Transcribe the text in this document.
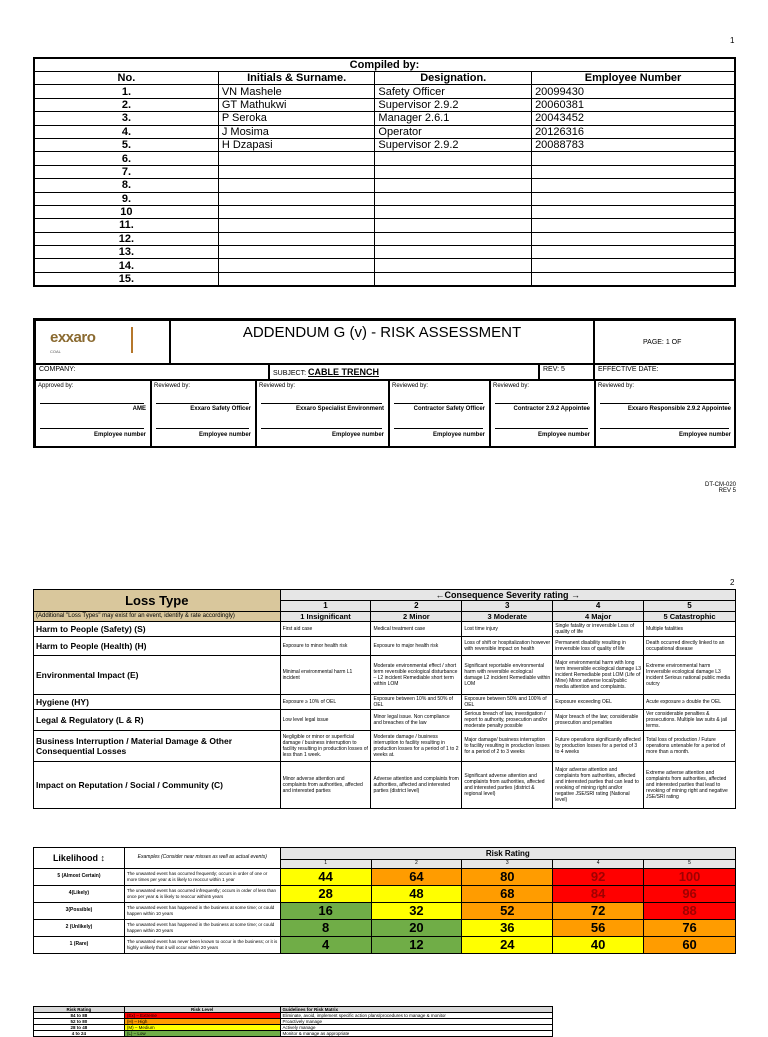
1
Compiled by:			
No.	Initials & Surname.	Designation.	Employee Number
1.	VN Mashele	Safety Officer	20099430
2.	GT Mathukwi	Supervisor 2.9.2	20060381
3.	P Seroka	Manager 2.6.1	20043452
4.	J Mosima	Operator	20126316
5.	H Dzapasi	Supervisor 2.9.2	20088783
6.			
7.			
8.			
9.			
10			
11.			
12.			
13.			
14.			
15.			
exxaro
COAL
ADDENDUM G (v) - RISK ASSESSMENT
PAGE: 1 OF
COMPANY:
SUBJECT: CABLE TRENCH	REV: 5	EFFECTIVE DATE:
Approved by:
AME
Employee number
Reviewed by:
Exxaro Safety Officer
Employee number
Reviewed by:
Exxaro Specialist Environment
Employee number
Reviewed by:
Contractor Safety Officer
Employee number
Reviewed by:
Contractor 2.9.2 Appointee
Employee number
Reviewed by:
Exxaro Responsible 2.9.2 Appointee
Employee number
DT-CM-020
REV 5
2
Loss Type	←Consequence Severity rating →				
	1	2	3	4	5
(Additional "Loss Types" may exist for an event, identify & rate accordingly)	1 Insignificant	2 Minor	3 Moderate	4 Major	5 Catastrophic
Harm to People (Safety) (S)	First aid case	Medical treatment case	Lost time injury	Single fatality or irreversible Loss of quality of life	Multiple fatalities
Harm to People (Health) (H)	Exposure to minor health risk	Exposure to major health risk	Loss of shift or hospitalization however with reversible impact on health	Permanent disability resulting in irreversible loss of quality of life	Death occurred directly linked to an occupational disease
Environmental Impact (E)	Minimal environmental harm L1 incident	Moderate environmental effect / short term reversible ecological disturbance – L2 incident Remediable short term within LOM	Significant reportable environmental harm with reversible ecological damage L2 incident Remediable within LOM	Major environmental harm with long term irreversible ecological damage L3 incident Remediable post LOM (Life of Mine) Minor adverse local/public media attention and complaints.	Extreme environmental harm Irreversible ecological damage L3 incident Serious national public media outcry
Hygiene (HY)	Exposure ≥ 10% of OEL	Exposure between 10% and 50% of OEL	Exposure between 50% and 100% of OEL	Exposure exceeding OEL	Acute exposure ≥ double the OEL
Legal & Regulatory (L & R)	Low level legal issue	Minor legal issue. Non compliance and breaches of the law	Serious breach of law, investigation / report to authority, prosecution and/or moderate penalty possible	Major breach of the law; considerable prosecution and penalties	Ver considerable penalties & prosecutions. Multiple law suits & jail terms.
Business Interruption / Material Damage & Other Consequential Losses	Negligible or minor or superficial damage / business interruption to facility resulting in production losses of less than 1 week.	Moderate damage / business interruption to facility resulting in production losses for a period of 1 to 2 weeks at.	Major damage/ business interruption to facility resulting in production losses for a period of 2 to 3 weeks	Future operations significantly affected by production losses for a period of 3 to 4 weeks	Total loss of production / Future operations untenable for a period of more than a month.
Impact on Reputation / Social / Community (C)	Minor adverse attention and complaints from authorities, affected and interested parties	Adverse attention and complaints from authorities, affected and interested parties (district level)	Significant adverse attention and complaints from authorities, affected and interested parties (district & regional level)	Major adverse attention and complaints from authorities, affected and interested parties that can lead to revoking of mining right and/or negative JSE/SRI rating (National level)	Extreme adverse attention and complaints from authorities, affected and interested parties that lead to revoking of mining right and negative JSE/SRI rating
Likelihood ↕	Examples (Consider near misses as well as actual events)	Risk Rating				
		1	2	3	4	5
5 (Almost Certain)	The unwanted event has occurred frequently; occurs in order of one or more times per year & is likely to reoccur within 1 year	44	64	80	92	100
4(Likely)	The unwanted event has occurred infrequently; occurs in order of less than once per year & is likely to reoccur within5 years	28	48	68	84	96
3(Possible)	The unwanted event has happened in the business at some time; or could happen within 10 years	16	32	52	72	88
2 (Unlikely)	The unwanted event has happened in the business at some time; or could happen within 20 years	8	20	36	56	76
1 (Rare)	The unwanted event has never been known to occur in the business; or it is highly unlikely that it will occur within 20 years	4	12	24	40	60
Risk Rating	Risk Level	Guidelines for Risk Matrix
84 to 88	(Ex) – Extreme	Eliminate, avoid, implement specific action plans/procedures to manage & monitor
52 to 80	(H) – High	Proactively manage
28 to 48	(M) – Medium	Actively manage
4 to 24	(L) – Low	Monitor & manage as appropriate
